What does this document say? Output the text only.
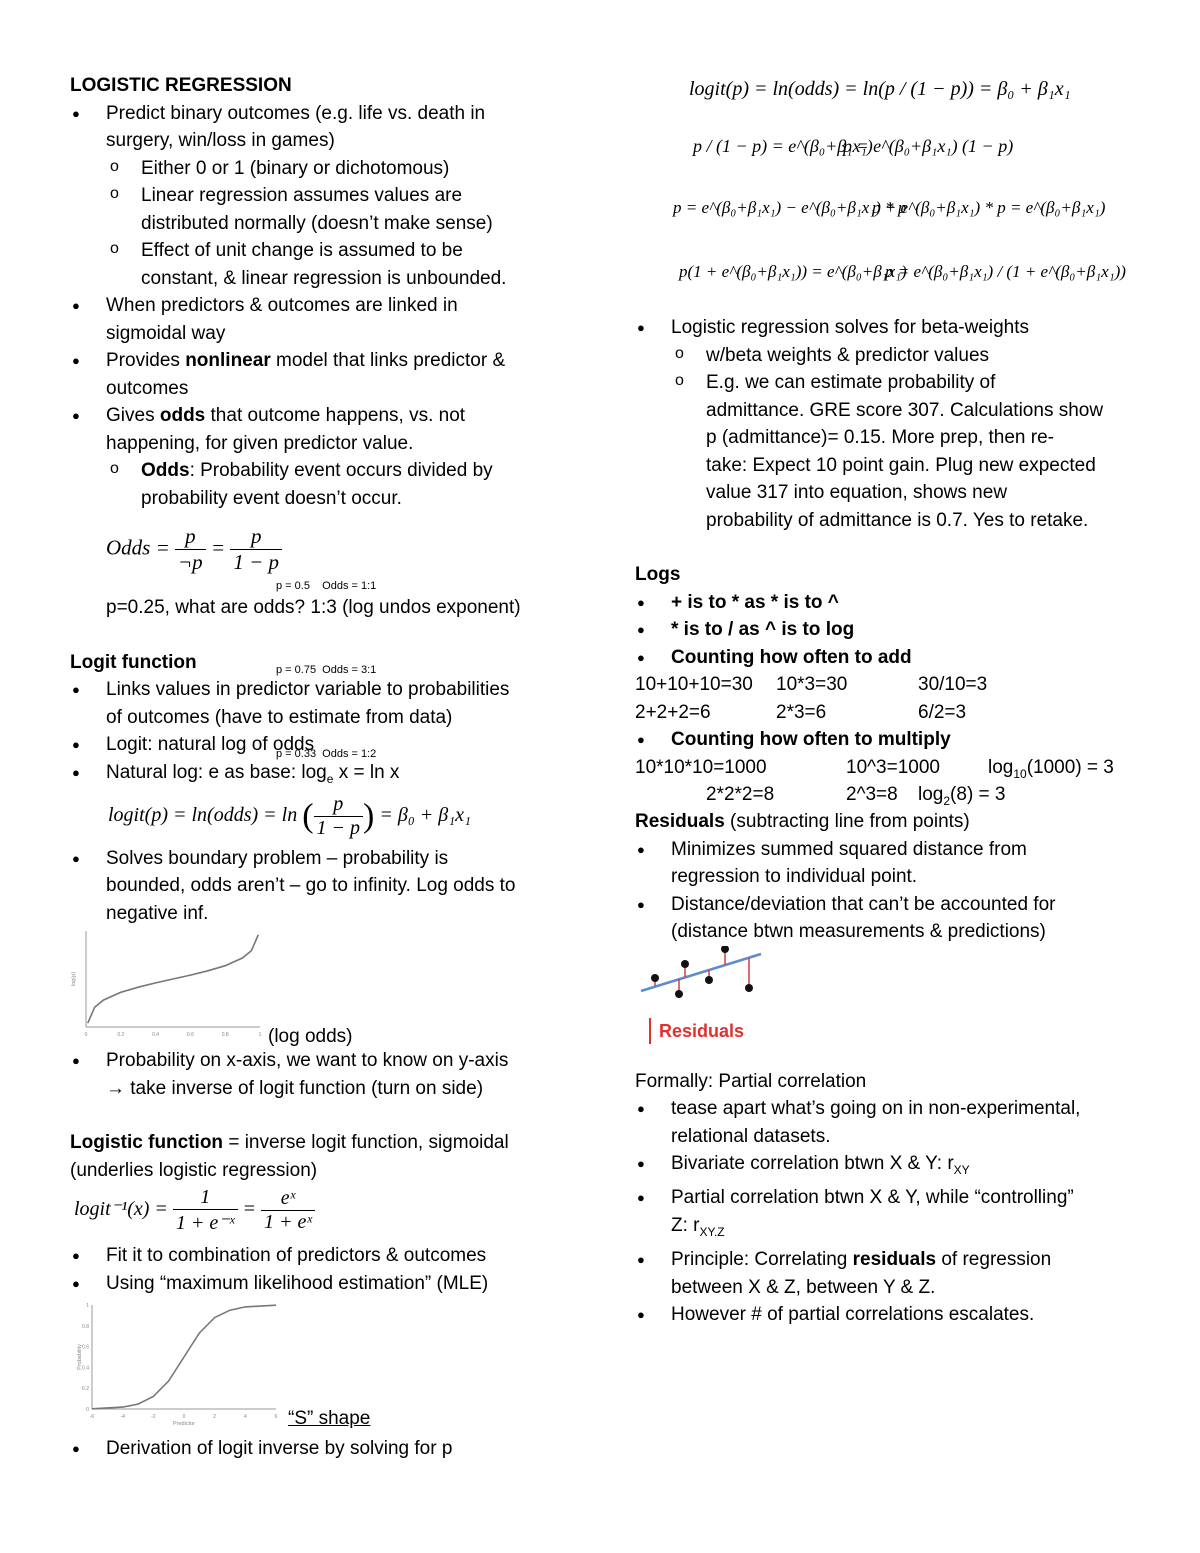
LOGISTIC REGRESSION
● Predict binary outcomes (e.g. life vs. death in
surgery, win/loss in games)
o Either 0 or 1 (binary or dichotomous)
o Linear regression assumes values are
distributed normally (doesn’t make sense)
o Effect of unit change is assumed to be
constant, & linear regression is unbounded.
● When predictors & outcomes are linked in
sigmoidal way
● Provides nonlinear model that links predictor &
outcomes
● Gives odds that outcome happens, vs. not
happening, for given predictor value.
o Odds: Probability event occurs divided by
probability event doesn’t occur.
Odds = $\frac{p}{\neg p} = \frac{p}{1 - p}$

p = 0.5    Odds = 1:1

p = 0.75  Odds = 3:1

p = 0.33  Odds = 1:2

p=0.25, what are odds? 1:3 (log undos exponent)
Logit function
● Links values in predictor variable to probabilities
of outcomes (have to estimate from data)
● Logit: natural log of odds
● Natural log: e as base: $\log_e x = \ln x$
logit(p) = ln(odds) = ln ( $\frac{p}{1 - p}$ ) = β₀ + β₁x₁
● Solves boundary problem – probability is
bounded, odds aren’t – go to infinity. Log odds to
negative inf.
0	0.2	0.4	0.6	0.8	1
log(p)
(log odds)
● Probability on x-axis, we want to know on y-axis
→ take inverse of logit function (turn on side)
Logistic function = inverse logit function, sigmoidal
(underlies logistic regression)
logit⁻¹(x) = $\frac{1}{\text{1 + e⁻ˣ}} = \frac{\text{eˣ}}{\text{1 + eˣ}}$
● Fit it to combination of predictors & outcomes
● Using “maximum likelihood estimation” (MLE)
-6	-4	-2	0	2	4	6
0
0.2
0.4
0.6
0.8
1
Predictor
Probability
“S” shape
● Derivation of logit inverse by solving for p
logit(p) = ln(odds) = ln(p / (1 − p)) = β₀ + β₁x₁
p / (1 − p) = e^(β₀+β₁x₁)
p = e^(β₀+β₁x₁) (1 − p)
p = e^(β₀+β₁x₁) − e^(β₀+β₁x₁) * p
p + e^(β₀+β₁x₁) * p = e^(β₀+β₁x₁)
p(1 + e^(β₀+β₁x₁)) = e^(β₀+β₁x₁)
p = e^(β₀+β₁x₁) / (1 + e^(β₀+β₁x₁))
● Logistic regression solves for beta-weights
o w/beta weights & predictor values
o E.g. we can estimate probability of
admittance. GRE score 307. Calculations show
p (admittance)= 0.15. More prep, then re-
take: Expect 10 point gain. Plug new expected
value 317 into equation, shows new
probability of admittance is 0.7. Yes to retake.
Logs
● + is to * as * is to ^
● * is to / as ^ is to log
● Counting how often to add
10+10+10=30 10*3=30	30/10=3
2+2+2=6	2*3=6	6/2=3
● Counting how often to multiply
10*10*10=1000	10^3=1000	$\log_{10}(1000) = 3$
2*2*2=8	2^3=8 $\log_2(8) = 3$
Residuals (subtracting line from points)
● Minimizes summed squared distance from
regression to individual point.
● Distance/deviation that can’t be accounted for
(distance btwn measurements & predictions)
Residuals
Formally: Partial correlation
● tease apart what’s going on in non-experimental,
relational datasets.
● Bivariate correlation btwn X & Y: $r_{XY}$
● Partial correlation btwn X & Y, while “controlling”
Z: $r_{XY.Z}$
● Principle: Correlating residuals of regression
between X & Z, between Y & Z.
● However # of partial correlations escalates.
